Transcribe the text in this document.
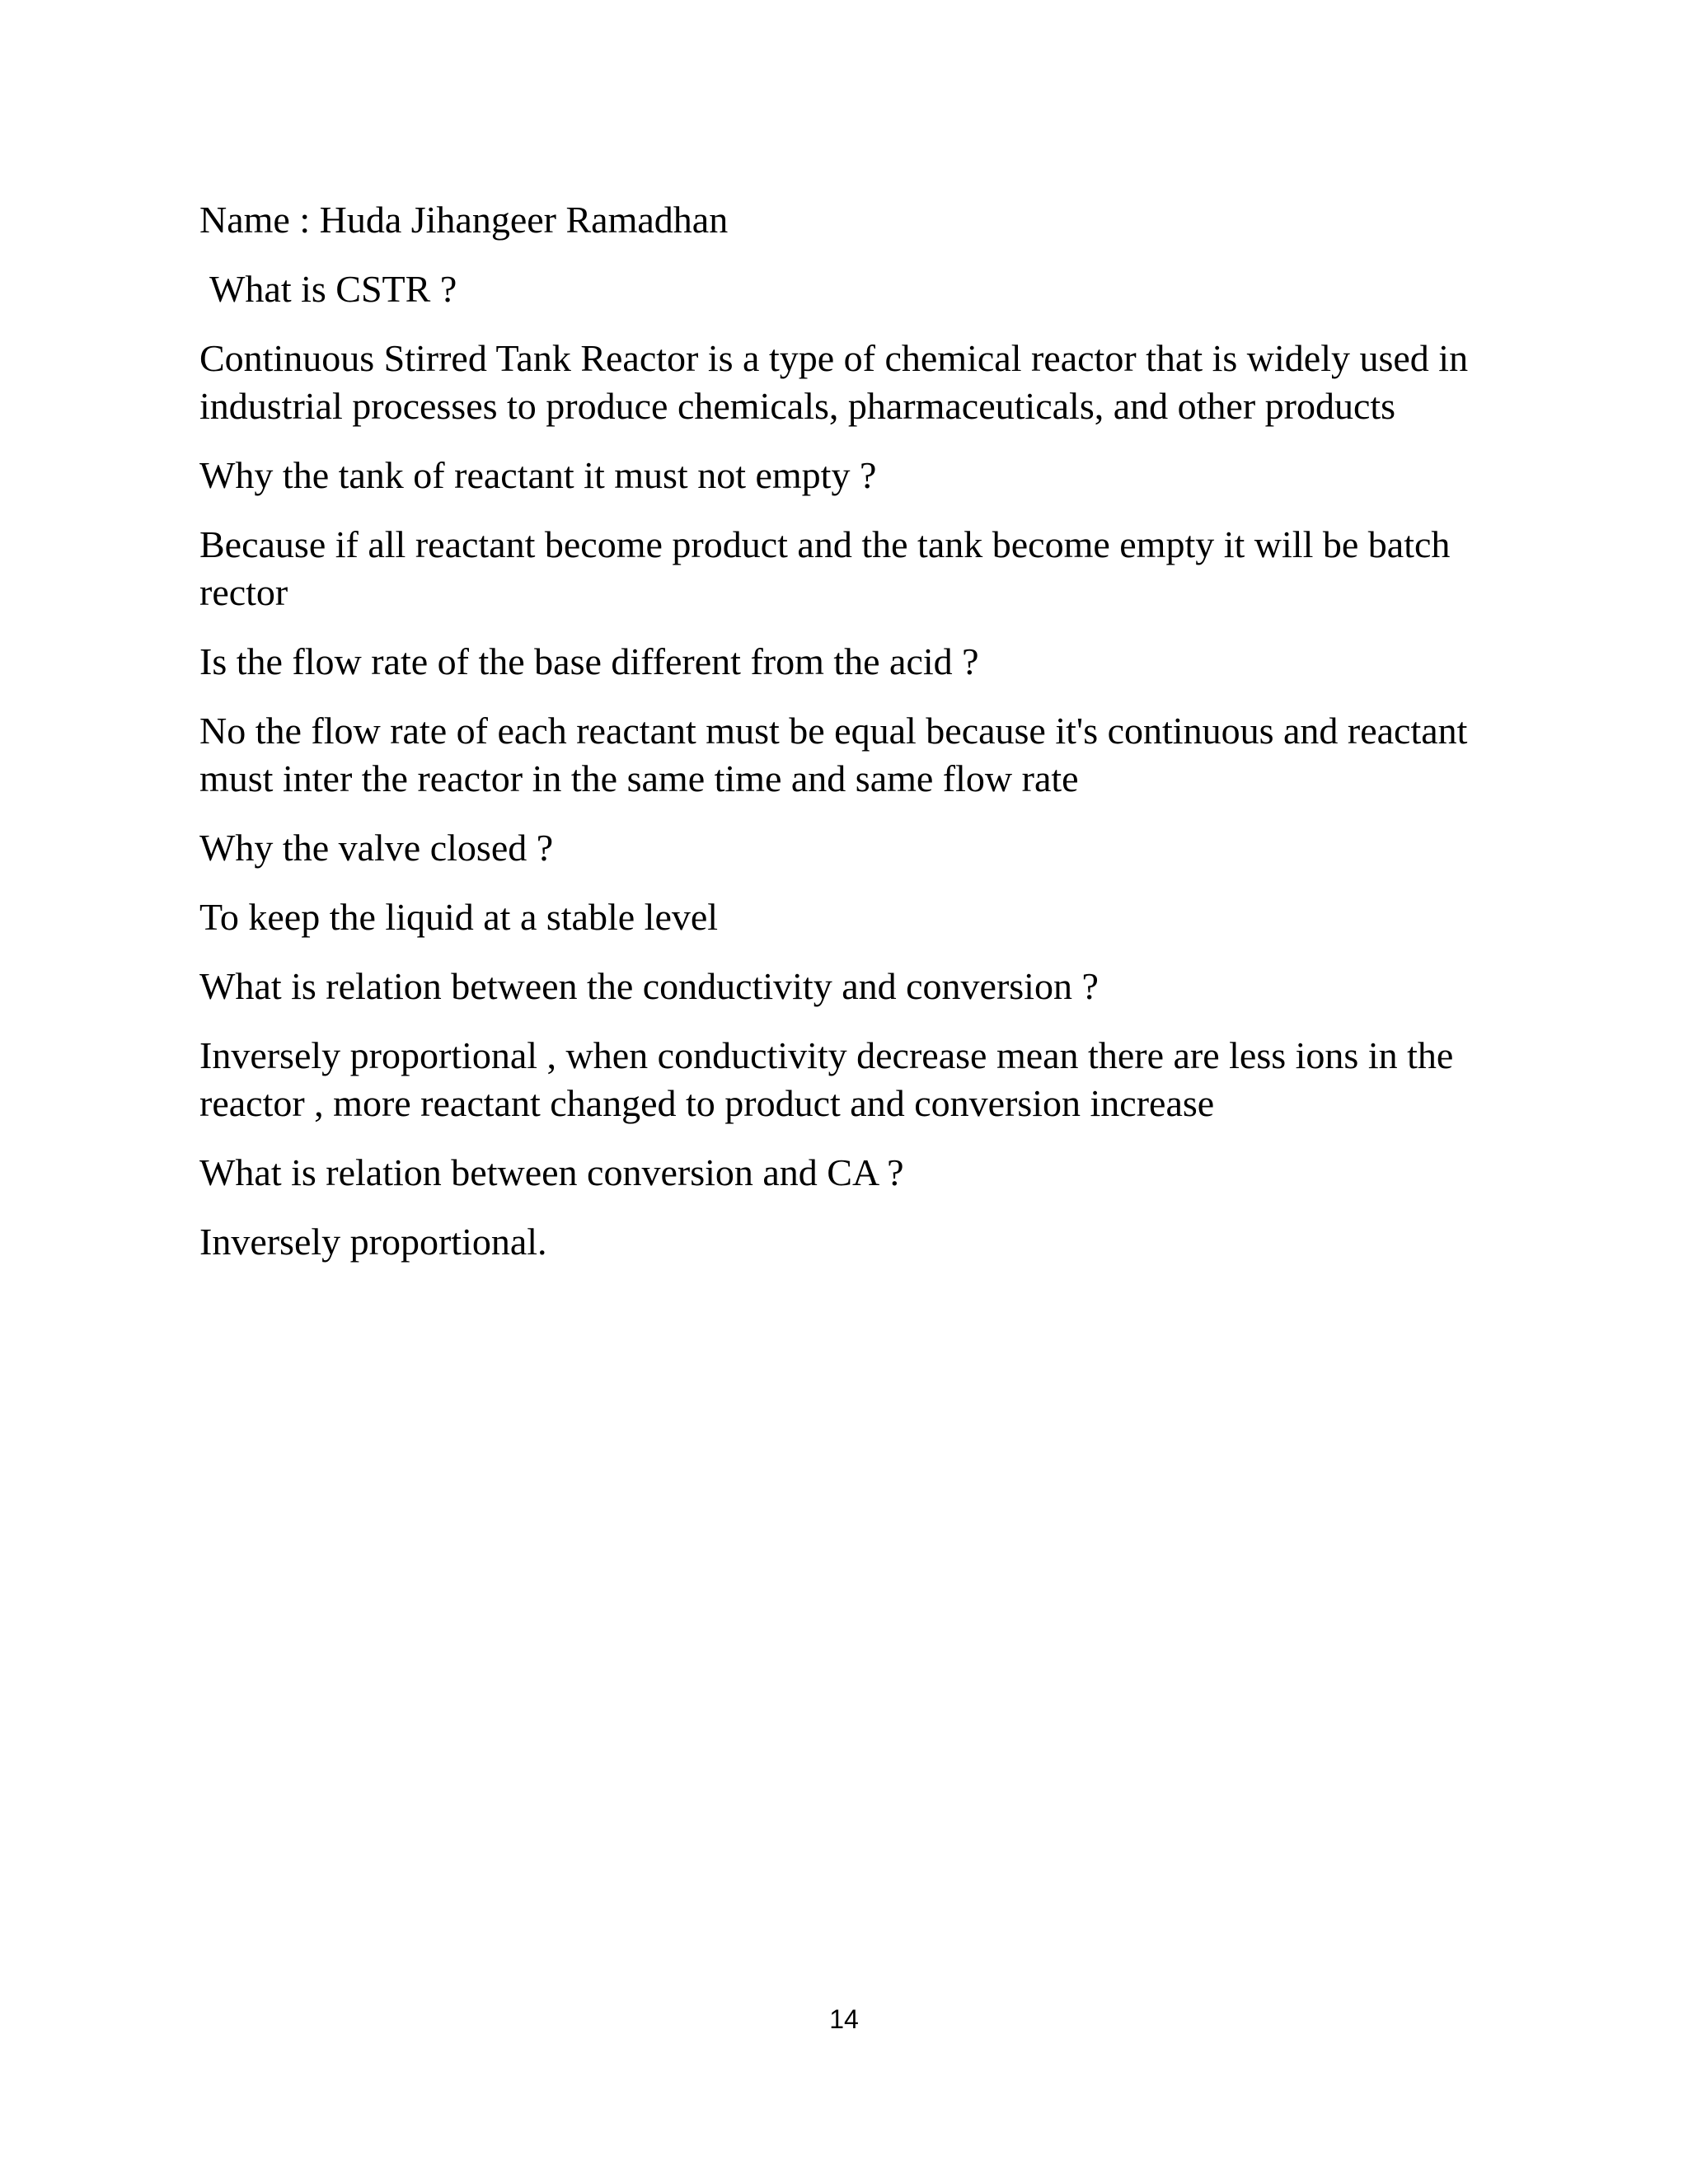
Name : Huda Jihangeer Ramadhan

What is CSTR ?

Continuous Stirred Tank Reactor is a type of chemical reactor that is widely used in industrial processes to produce chemicals, pharmaceuticals, and other products

Why the tank of reactant it must not empty ?

Because if all reactant become product and the tank become empty it will be batch rector

Is the flow rate of the base different from the acid ?

No the flow rate of each reactant must be equal because it's continuous and reactant must inter the reactor in the same time and same flow rate

Why the valve closed ?

To keep the liquid at a stable level

What is relation between the conductivity and conversion ?

Inversely proportional , when conductivity decrease mean there are less ions in the reactor , more reactant changed to product and conversion increase

What is relation between conversion and CA ?

Inversely proportional.

14
